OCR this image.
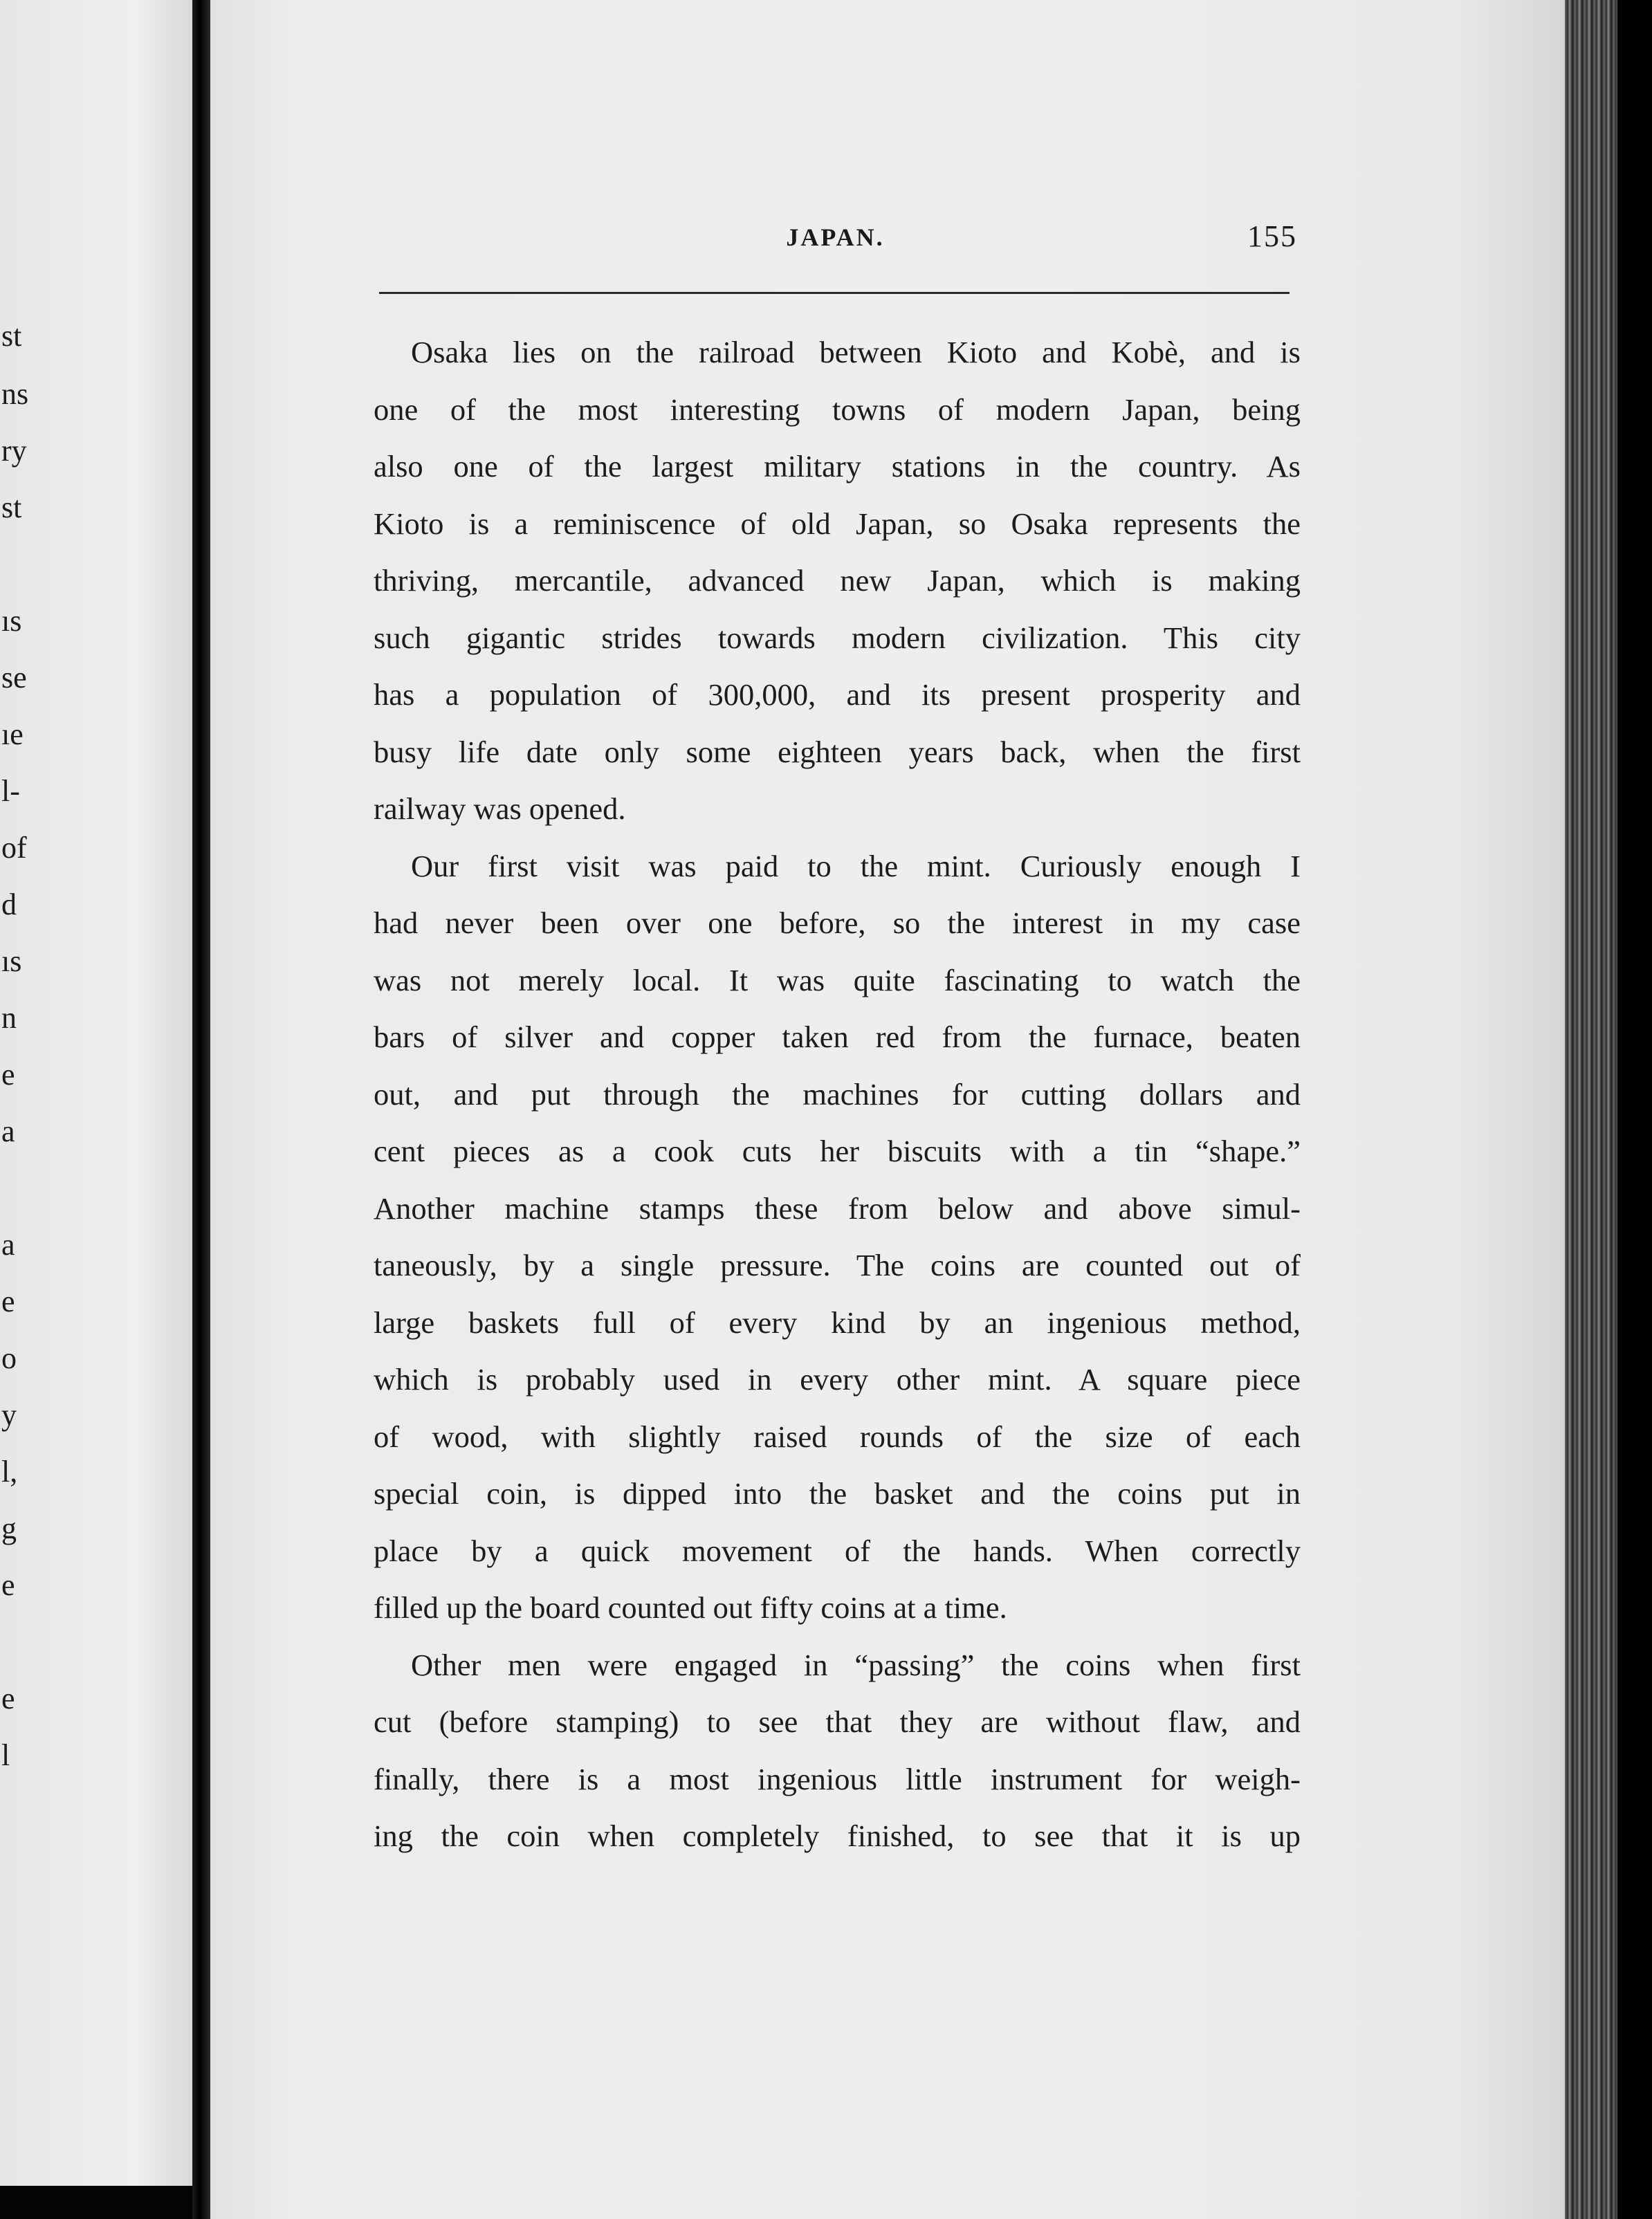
st
ns
ry
st
ıs
se
ıe
l-
of
d
ıs
n
e
a
a
e
o
y
l,
g
e
e
l
JAPAN.	155

Osaka lies on the railroad between Kioto and Kobè, and is
one of the most interesting towns of modern Japan, being
also one of the largest military stations in the country. As
Kioto is a reminiscence of old Japan, so Osaka represents the
thriving, mercantile, advanced new Japan, which is making
such gigantic strides towards modern civilization. This city
has a population of 300,000, and its present prosperity and
busy life date only some eighteen years back, when the first
railway was opened.

Our first visit was paid to the mint. Curiously enough I
had never been over one before, so the interest in my case
was not merely local. It was quite fascinating to watch the
bars of silver and copper taken red from the furnace, beaten
out, and put through the machines for cutting dollars and
cent pieces as a cook cuts her biscuits with a tin “shape.”
Another machine stamps these from below and above simul-
taneously, by a single pressure. The coins are counted out of
large baskets full of every kind by an ingenious method,
which is probably used in every other mint. A square piece
of wood, with slightly raised rounds of the size of each
special coin, is dipped into the basket and the coins put in
place by a quick movement of the hands. When correctly
filled up the board counted out fifty coins at a time.

Other men were engaged in “passing” the coins when first
cut (before stamping) to see that they are without flaw, and
finally, there is a most ingenious little instrument for weigh-
ing the coin when completely finished, to see that it is up
